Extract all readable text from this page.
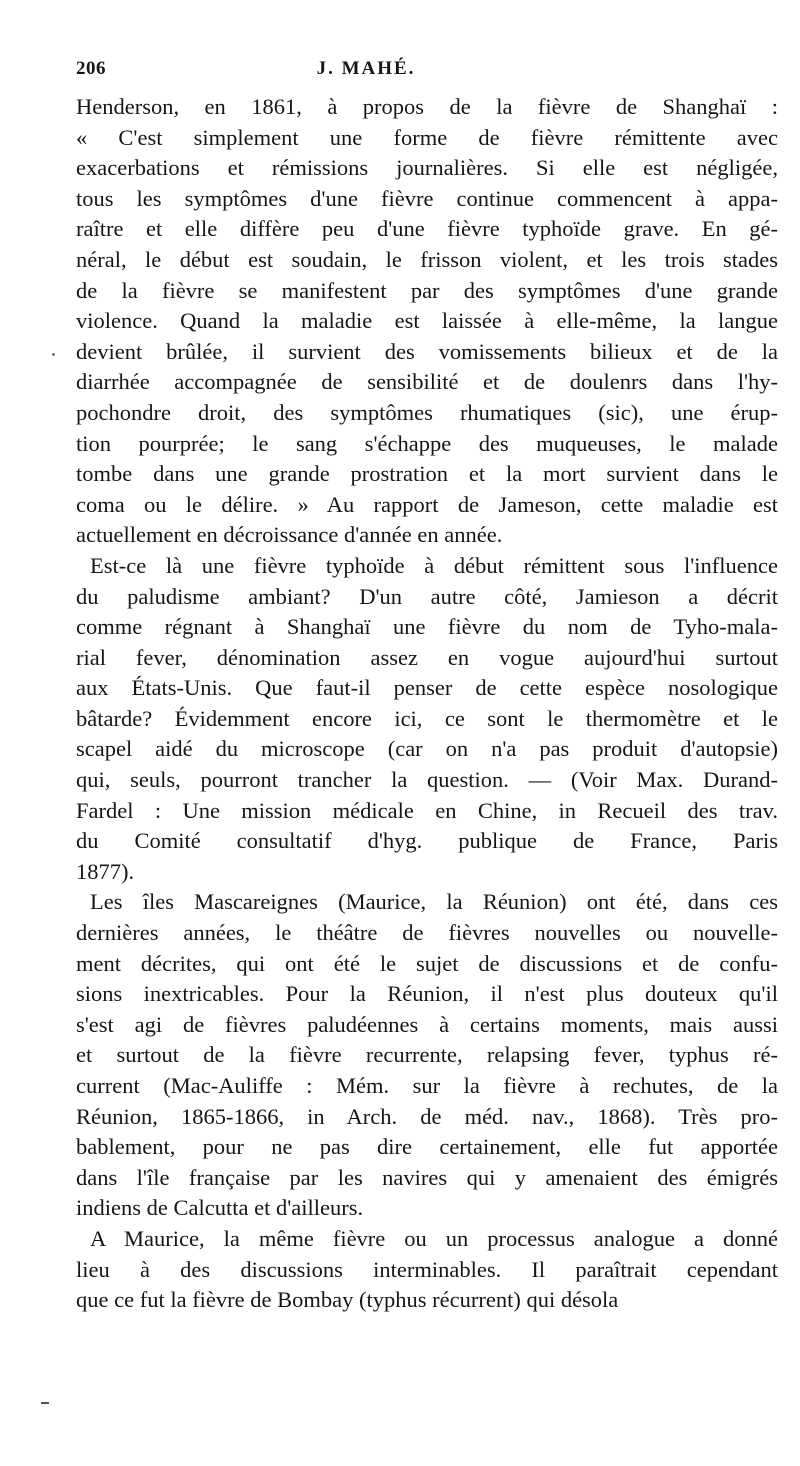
206	J. MAHÉ.

Henderson, en 1861, à propos de la fièvre de Shanghaï :

« C'est simplement une forme de fièvre rémittente avec

exacerbations et rémissions journalières. Si elle est négligée,

tous les symptômes d'une fièvre continue commencent à appa-

raître et elle diffère peu d'une fièvre typhoïde grave. En gé-

néral, le début est soudain, le frisson violent, et les trois stades

de la fièvre se manifestent par des symptômes d'une grande

violence. Quand la maladie est laissée à elle-même, la langue

devient brûlée, il survient des vomissements bilieux et de la

diarrhée accompagnée de sensibilité et de doulenrs dans l'hy-

pochondre droit, des symptômes rhumatiques (sic), une érup-

tion pourprée; le sang s'échappe des muqueuses, le malade

tombe dans une grande prostration et la mort survient dans le

coma ou le délire. » Au rapport de Jameson, cette maladie est

actuellement en décroissance d'année en année.

Est-ce là une fièvre typhoïde à début rémittent sous l'influence

du paludisme ambiant? D'un autre côté, Jamieson a décrit

comme régnant à Shanghaï une fièvre du nom de Tyho-mala-

rial fever, dénomination assez en vogue aujourd'hui surtout

aux États-Unis. Que faut-il penser de cette espèce nosologique

bâtarde? Évidemment encore ici, ce sont le thermomètre et le

scapel aidé du microscope (car on n'a pas produit d'autopsie)

qui, seuls, pourront trancher la question. — (Voir Max. Durand-

Fardel : Une mission médicale en Chine, in Recueil des trav.

du Comité consultatif d'hyg. publique de France, Paris

1877).

Les îles Mascareignes (Maurice, la Réunion) ont été, dans ces

dernières années, le théâtre de fièvres nouvelles ou nouvelle-

ment décrites, qui ont été le sujet de discussions et de confu-

sions inextricables. Pour la Réunion, il n'est plus douteux qu'il

s'est agi de fièvres paludéennes à certains moments, mais aussi

et surtout de la fièvre recurrente, relapsing fever, typhus ré-

current (Mac-Auliffe : Mém. sur la fièvre à rechutes, de la

Réunion, 1865-1866, in Arch. de méd. nav., 1868). Très pro-

bablement, pour ne pas dire certainement, elle fut apportée

dans l'île française par les navires qui y amenaient des émigrés

indiens de Calcutta et d'ailleurs.

A Maurice, la même fièvre ou un processus analogue a donné

lieu à des discussions interminables. Il paraîtrait cependant

que ce fut la fièvre de Bombay (typhus récurrent) qui désola
